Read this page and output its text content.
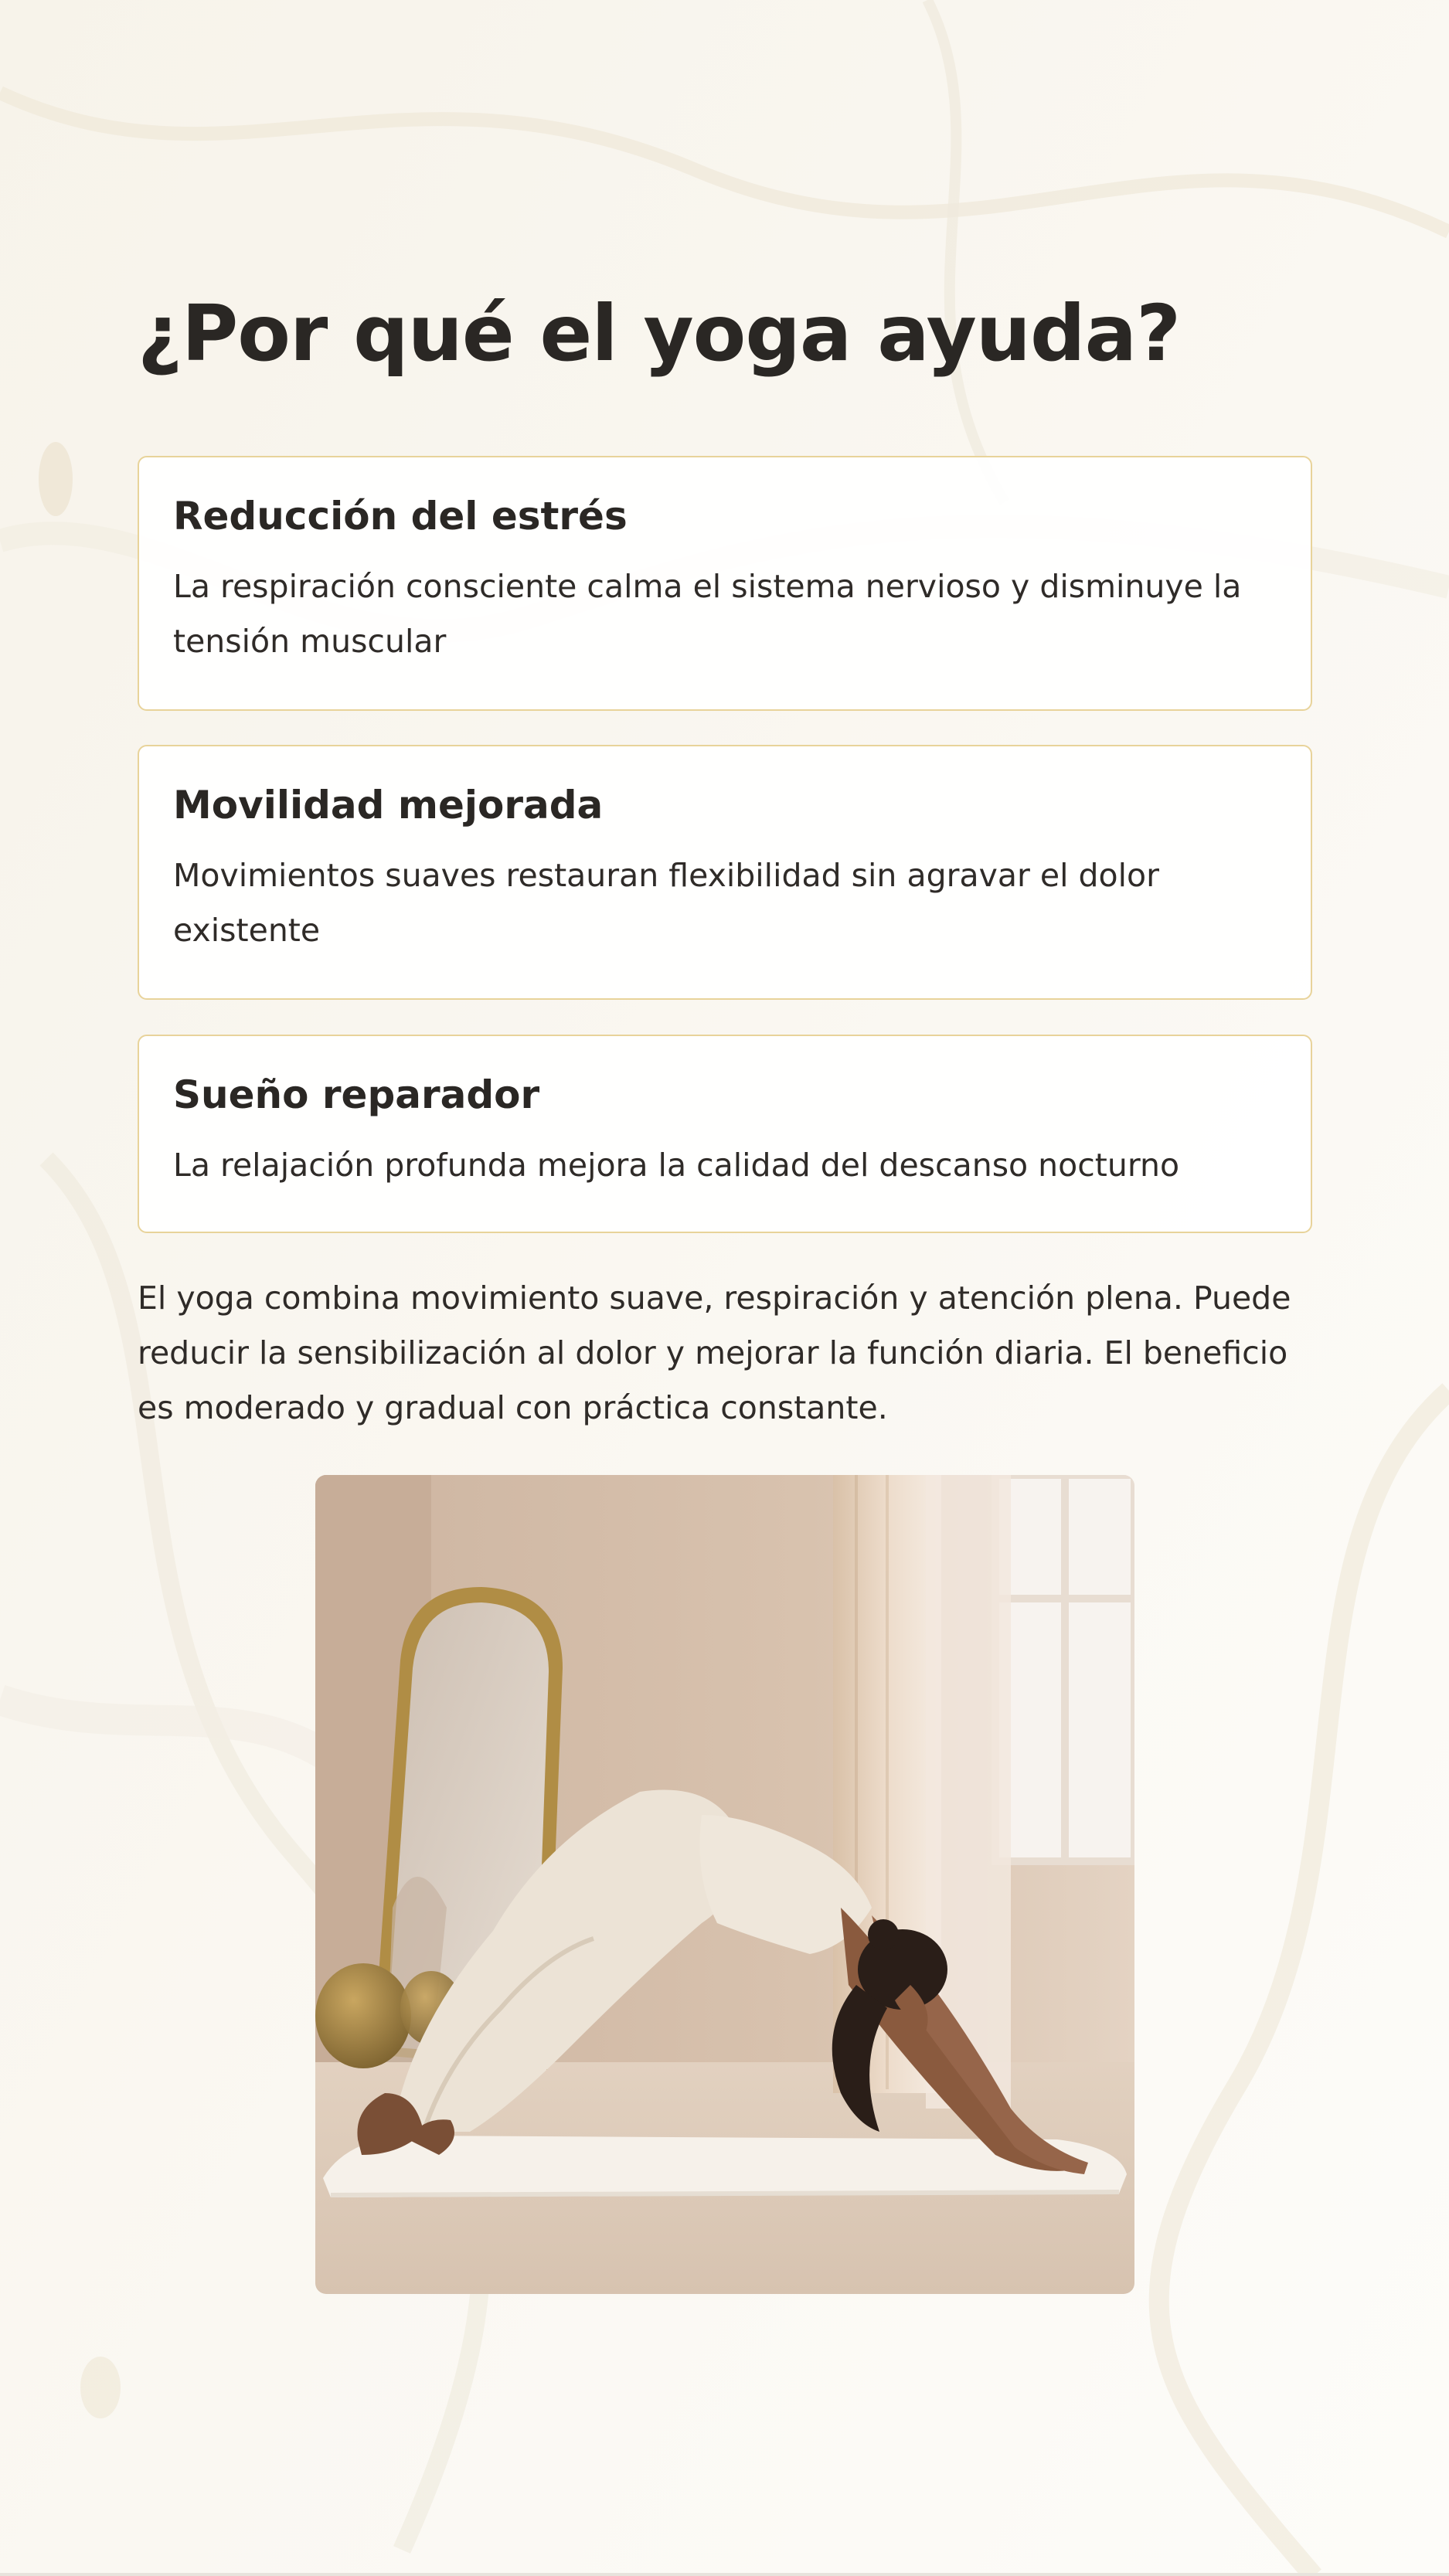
¿Por qué el yoga ayuda?
Reducción del estrés

La respiración consciente calma el sistema nervioso y disminuye la tensión muscular

Movilidad mejorada

Movimientos suaves restauran flexibilidad sin agravar el dolor existente

Sueño reparador

La relajación profunda mejora la calidad del descanso nocturno

El yoga combina movimiento suave, respiración y atención plena. Puede reducir la sensibilización al dolor y mejorar la función diaria. El beneficio es moderado y gradual con práctica constante.
